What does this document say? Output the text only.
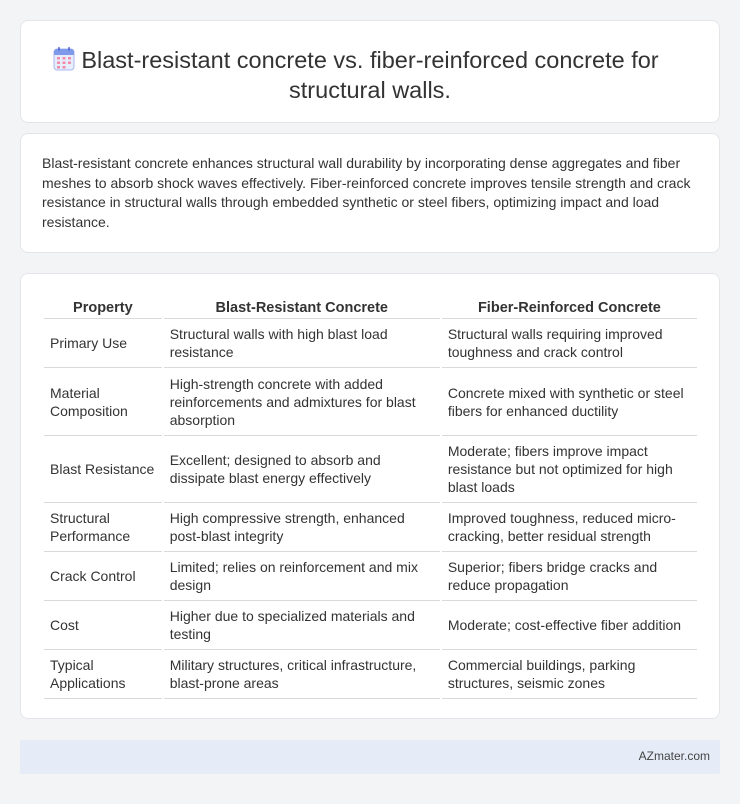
Blast-resistant concrete vs. fiber-reinforced concrete for
structural walls.

Blast-resistant concrete enhances structural wall durability by incorporating dense aggregates and fiber meshes to absorb shock waves effectively. Fiber-reinforced concrete improves tensile strength and crack resistance in structural walls through embedded synthetic or steel fibers, optimizing impact and load resistance.

Property	Blast-Resistant Concrete	Fiber-Reinforced Concrete
Primary Use	Structural walls with high blast load resistance	Structural walls requiring improved toughness and crack control
Material Composition	High-strength concrete with added reinforcements and admixtures for blast absorption	Concrete mixed with synthetic or steel fibers for enhanced ductility
Blast Resistance	Excellent; designed to absorb and dissipate blast energy effectively	Moderate; fibers improve impact resistance but not optimized for high blast loads
Structural Performance	High compressive strength, enhanced post-blast integrity	Improved toughness, reduced micro-cracking, better residual strength
Crack Control	Limited; relies on reinforcement and mix design	Superior; fibers bridge cracks and reduce propagation
Cost	Higher due to specialized materials and testing	Moderate; cost-effective fiber addition
Typical Applications	Military structures, critical infrastructure, blast-prone areas	Commercial buildings, parking structures, seismic zones
AZmater.com
